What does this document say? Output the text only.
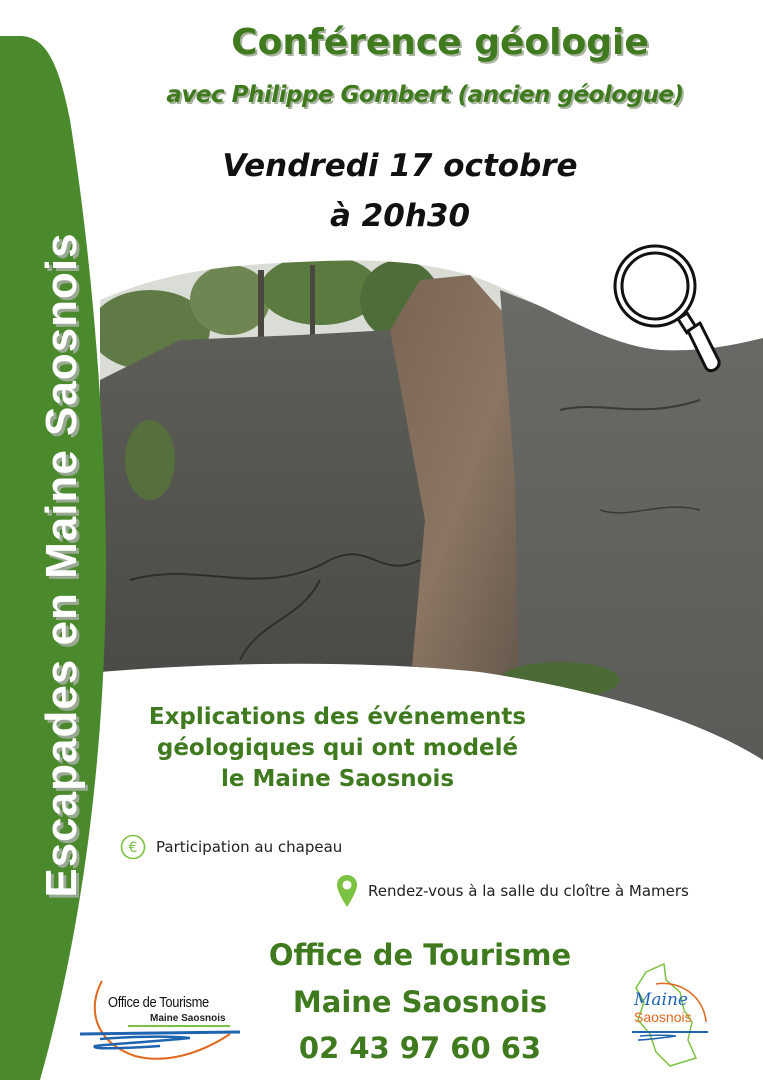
Escapades en Maine Saosnois
Conférence géologie
avec Philippe Gombert (ancien géologue)
Vendredi 17 octobre
à 20h30
Explications des événements
géologiques qui ont modelé
le Maine Saosnois
€ Participation au chapeau
Rendez-vous à la salle du cloître à Mamers
Office de Tourisme
Maine Saosnois
02 43 97 60 63
Office de Tourisme
Maine Saosnois
Maine
Saosnois
